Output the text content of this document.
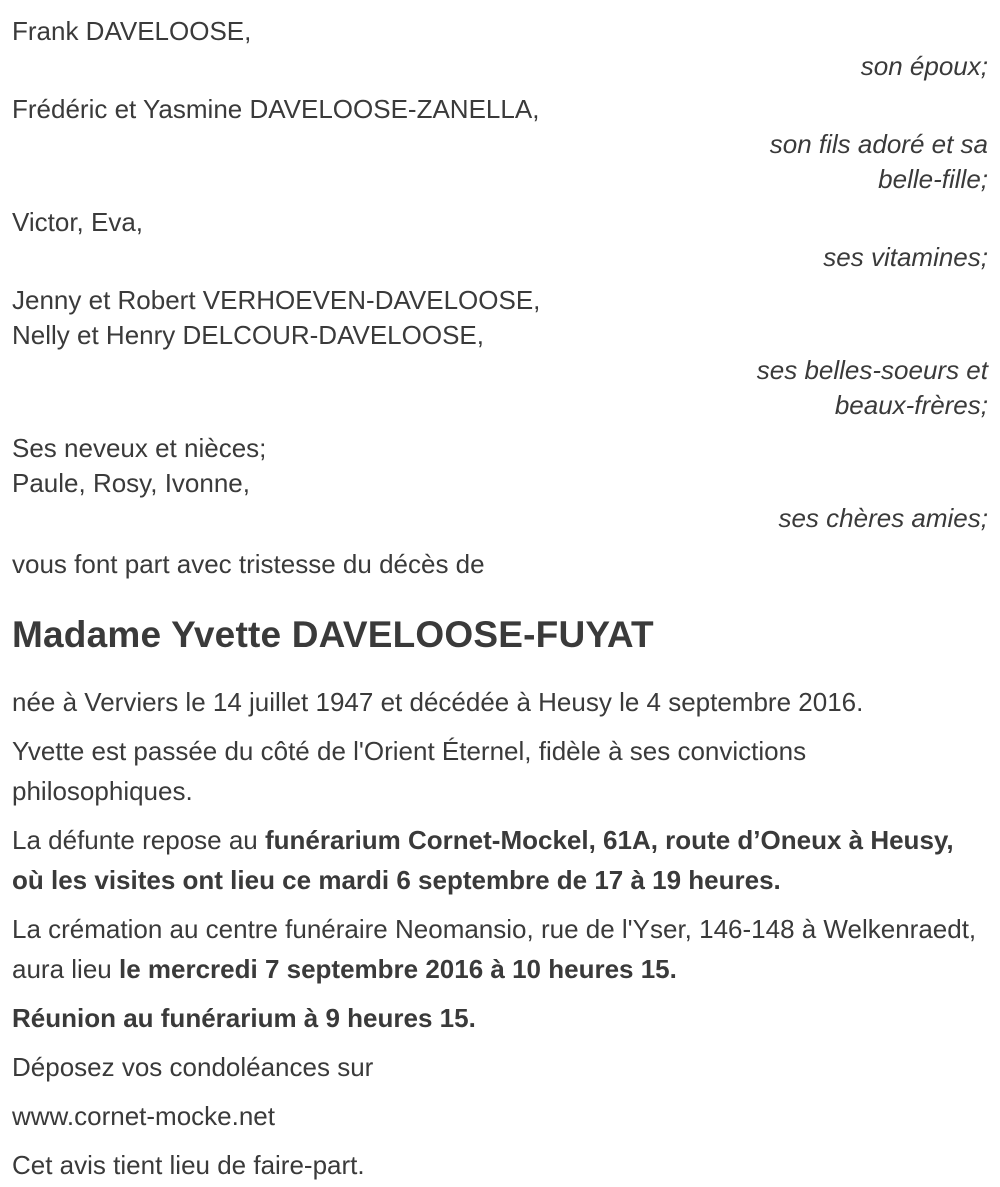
Frank DAVELOOSE,

son époux;

Frédéric et Yasmine DAVELOOSE-ZANELLA,

son fils adoré et sa

belle-fille;

Victor, Eva,

ses vitamines;

Jenny et Robert VERHOEVEN-DAVELOOSE,

Nelly et Henry DELCOUR-DAVELOOSE,

ses belles-soeurs et

beaux-frères;

Ses neveux et nièces;

Paule, Rosy, Ivonne,

ses chères amies;

vous font part avec tristesse du décès de

Madame Yvette DAVELOOSE-FUYAT

née à Verviers le 14 juillet 1947 et décédée à Heusy le 4 septembre 2016.

Yvette est passée du côté de l'Orient Éternel, fidèle à ses convictions philosophiques.

La défunte repose au funérarium Cornet-Mockel, 61A, route d’Oneux à Heusy, où les visites ont lieu ce mardi 6 septembre de 17 à 19 heures.

La crémation au centre funéraire Neomansio, rue de l'Yser, 146-148 à Welkenraedt, aura lieu le mercredi 7 septembre 2016 à 10 heures 15.

Réunion au funérarium à 9 heures 15.

Déposez vos condoléances sur

www.cornet-mocke.net

Cet avis tient lieu de faire-part.
